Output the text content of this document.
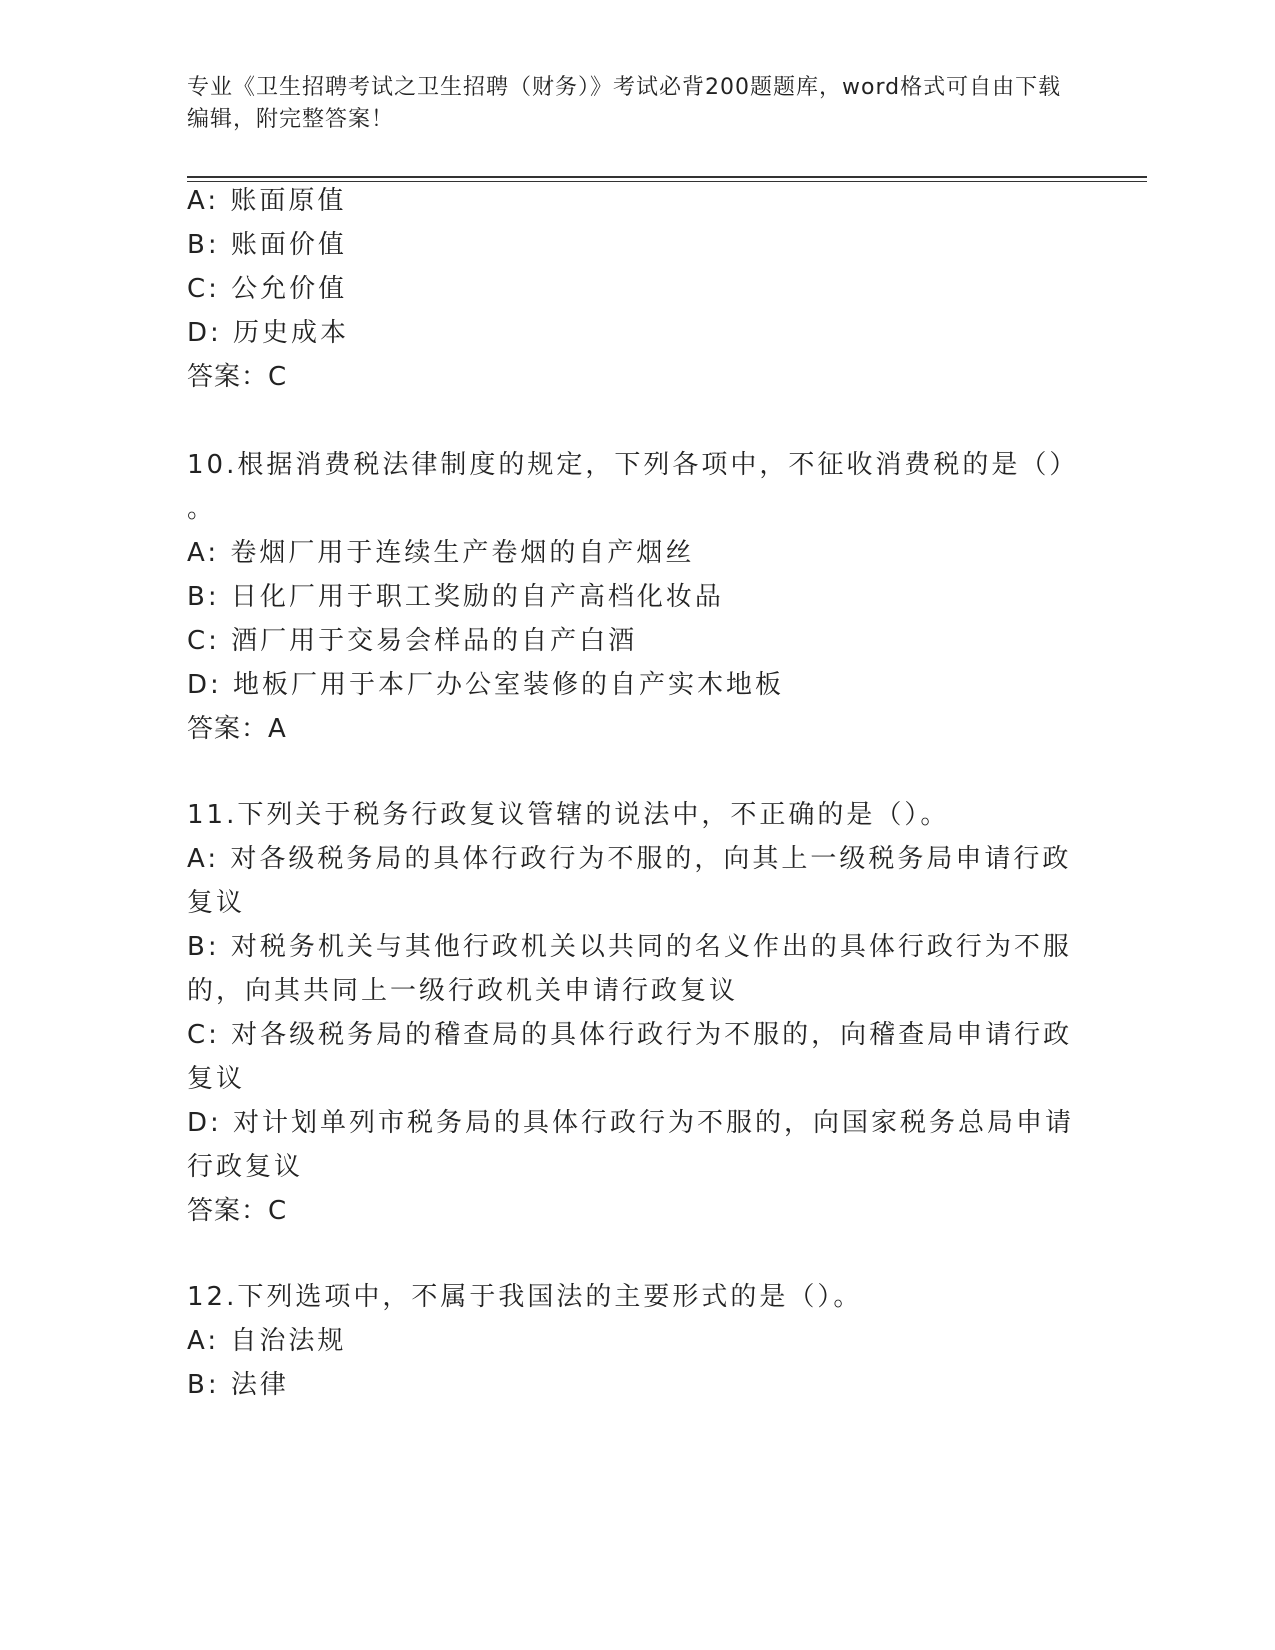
专业《卫生招聘考试之卫生招聘（财务）》考试必背200题题库，word格式可自由下载编辑，附完整答案！
A: 账面原值
B: 账面价值
C: 公允价值
D: 历史成本
答案：C
10.根据消费税法律制度的规定，下列各项中，不征收消费税的是（）
。
A: 卷烟厂用于连续生产卷烟的自产烟丝
B: 日化厂用于职工奖励的自产高档化妆品
C: 酒厂用于交易会样品的自产白酒
D: 地板厂用于本厂办公室装修的自产实木地板
答案：A
11.下列关于税务行政复议管辖的说法中，不正确的是（）。
A: 对各级税务局的具体行政行为不服的，向其上一级税务局申请行政
复议
B: 对税务机关与其他行政机关以共同的名义作出的具体行政行为不服
的，向其共同上一级行政机关申请行政复议
C: 对各级税务局的稽查局的具体行政行为不服的，向稽查局申请行政
复议
D: 对计划单列市税务局的具体行政行为不服的，向国家税务总局申请
行政复议
答案：C
12.下列选项中，不属于我国法的主要形式的是（）。
A: 自治法规
B: 法律
